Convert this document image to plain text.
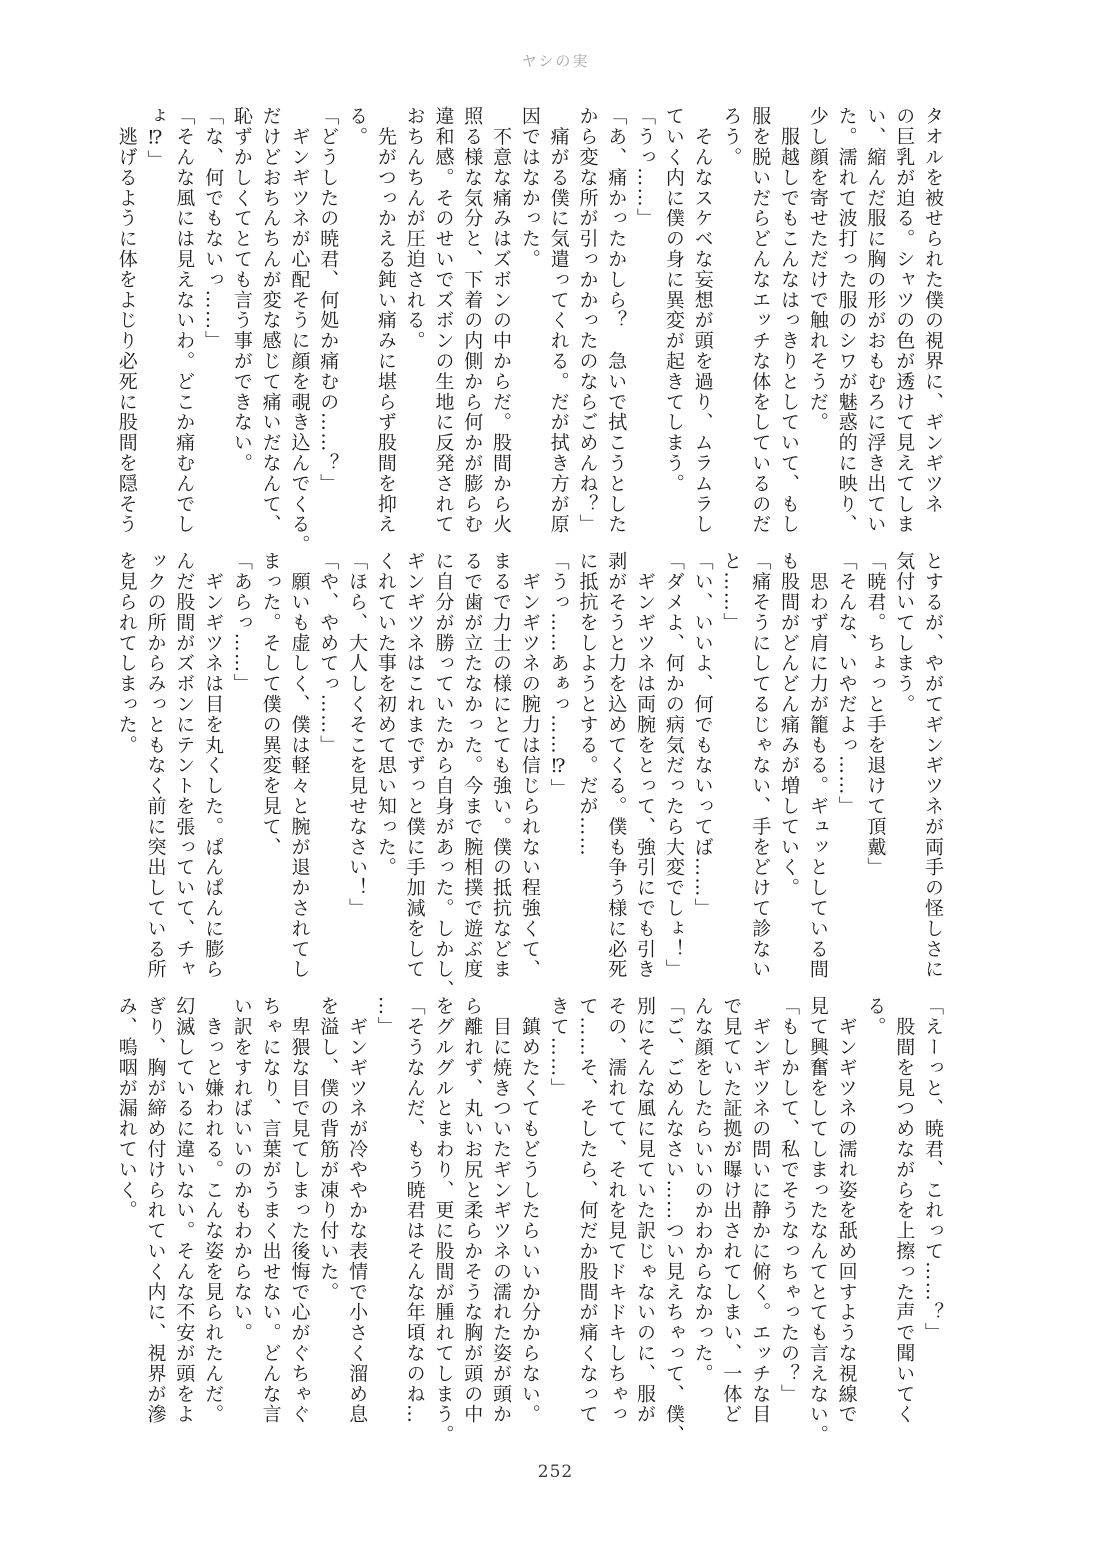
ヤシの実
タオルを被せられた僕の視界に、ギンギツネ
の巨乳が迫る。シャツの色が透けて見えてしま
い、縮んだ服に胸の形がおもむろに浮き出てい
た。濡れて波打った服のシワが魅惑的に映り、
少し顔を寄せただけで触れそうだ。
　服越しでもこんなはっきりとしていて、もし
服を脱いだらどんなエッチな体をしているのだ
ろう。
　そんなスケベな妄想が頭を過り、ムラムラし
ていく内に僕の身に異変が起きてしまう。
「うっ……」
「あ、痛かったかしら？　急いで拭こうとした
から変な所が引っかかったのならごめんね？」
　痛がる僕に気遣ってくれる。だが拭き方が原
因ではなかった。
　不意な痛みはズボンの中からだ。股間から火
照る様な気分と、下着の内側から何かが膨らむ
違和感。そのせいでズボンの生地に反発されて
おちんちんが圧迫される。
　先がつっかえる鈍い痛みに堪らず股間を抑え
る。
「どうしたの暁君、何処か痛むの……？」
　ギンギツネが心配そうに顔を覗き込んでくる。
だけどおちんちんが変な感じて痛いだなんて、
恥ずかしくてとても言う事ができない。
「な、何でもないっ……」
「そんな風には見えないわ。どこか痛むんでし
ょ⁉」
　逃げるように体をよじり必死に股間を隠そう
とするが、やがてギンギツネが両手の怪しさに
気付いてしまう。
「暁君。ちょっと手を退けて頂戴」
「そんな、いやだよっ……」
　思わず肩に力が籠もる。ギュッとしている間
も股間がどんどん痛みが増していく。
「痛そうにしてるじゃない、手をどけて診ない
と……」
「い、いいよ、何でもないってば……」
「ダメよ、何かの病気だったら大変でしょ！」
　ギンギツネは両腕をとって、強引にでも引き
剥がそうと力を込めてくる。僕も争う様に必死
に抵抗をしようとする。だが……
「うっ……あぁっ……⁉」
　ギンギツネの腕力は信じられない程強くて、
まるで力士の様にとても強い。僕の抵抗などま
るで歯が立たなかった。今まで腕相撲で遊ぶ度
に自分が勝っていたから自身があった。しかし、
ギンギツネはこれまでずっと僕に手加減をして
くれていた事を初めて思い知った。
「ほら、大人しくそこを見せなさい！」
「や、やめてっ……」
　願いも虚しく、僕は軽々と腕が退かされてし
まった。そして僕の異変を見て、
「あらっ……」
　ギンギツネは目を丸くした。ぱんぱんに膨ら
んだ股間がズボンにテントを張っていて、チャ
ックの所からみっともなく前に突出している所
を見られてしまった。
「えーっと、暁君、これって……？」
　股間を見つめながらを上擦った声で聞いてく
る。
　ギンギツネの濡れ姿を舐め回すような視線で
見て興奮をしてしまったなんてとても言えない。
「もしかして、私でそうなっちゃったの？」
　ギンギツネの問いに静かに俯く。エッチな目
で見ていた証拠が曝け出されてしまい、一体ど
んな顔をしたらいいのかわからなかった。
「ご、ごめんなさい……つい見えちゃって、僕、
別にそんな風に見ていた訳じゃないのに、服が
その、濡れてて、それを見てドキドキしちゃっ
て……そ、そしたら、何だか股間が痛くなって
きて……」
　鎮めたくてもどうしたらいいか分からない。
　目に焼きついたギンギツネの濡れた姿が頭か
ら離れず、丸いお尻と柔らかそうな胸が頭の中
をグルグルとまわり、更に股間が腫れてしまう。
「そうなんだ、もう暁君はそんな年頃なのね…
…」
　ギンギツネが冷ややかな表情で小さく溜め息
を溢し、僕の背筋が凍り付いた。
　卑猥な目で見てしまった後悔で心がぐちゃぐ
ちゃになり、言葉がうまく出せない。どんな言
い訳をすればいいのかもわからない。
　きっと嫌われる。こんな姿を見られたんだ。
幻滅しているに違いない。そんな不安が頭をよ
ぎり、胸が締め付けられていく内に、視界が滲
み、嗚咽が漏れていく。
252
